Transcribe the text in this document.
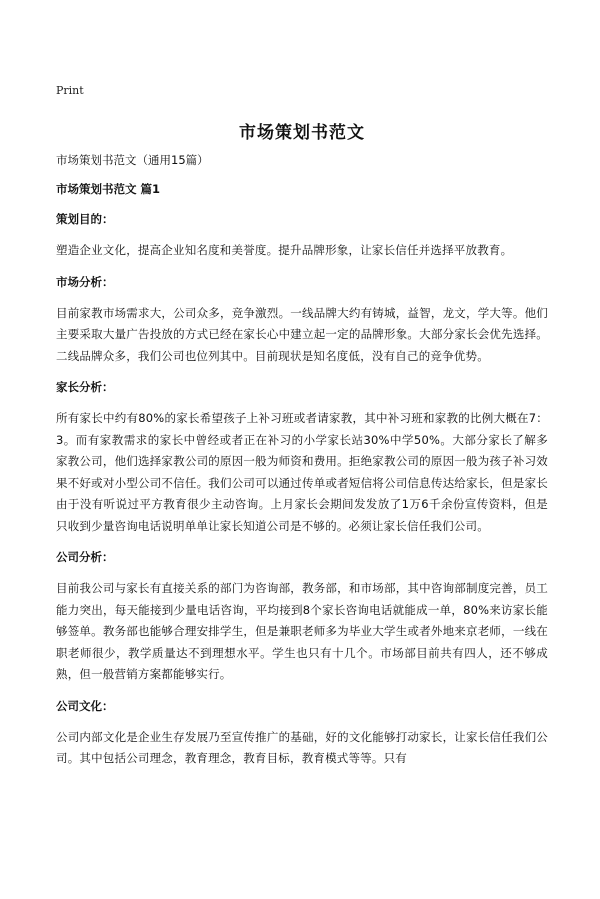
Print
市场策划书范文

市场策划书范文（通用15篇）

市场策划书范文 篇1

策划目的：

塑造企业文化，提高企业知名度和美誉度。提升品牌形象，让家长信任并选择平放教育。

市场分析：

目前家教市场需求大，公司众多，竞争激烈。一线品牌大约有铸城，益智，龙文，学大等。他们主要采取大量广告投放的方式已经在家长心中建立起一定的品牌形象。大部分家长会优先选择。二线品牌众多，我们公司也位列其中。目前现状是知名度低，没有自己的竞争优势。

家长分析：

所有家长中约有80%的家长希望孩子上补习班或者请家教，其中补习班和家教的比例大概在7：3。而有家教需求的家长中曾经或者正在补习的小学家长站30%中学50%。大部分家长了解多家教公司，他们选择家教公司的原因一般为师资和费用。拒绝家教公司的原因一般为孩子补习效果不好或对小型公司不信任。我们公司可以通过传单或者短信将公司信息传达给家长，但是家长由于没有听说过平方教育很少主动咨询。上月家长会期间发发放了1万6千余份宣传资料，但是只收到少量咨询电话说明单单让家长知道公司是不够的。必须让家长信任我们公司。

公司分析：

目前我公司与家长有直接关系的部门为咨询部，教务部，和市场部，其中咨询部制度完善，员工能力突出，每天能接到少量电话咨询，平均接到8个家长咨询电话就能成一单，80%来访家长能够签单。教务部也能够合理安排学生，但是兼职老师多为毕业大学生或者外地来京老师，一线在职老师很少，教学质量达不到理想水平。学生也只有十几个。市场部目前共有四人，还不够成熟，但一般营销方案都能够实行。

公司文化：

公司内部文化是企业生存发展乃至宣传推广的基础，好的文化能够打动家长，让家长信任我们公司。其中包括公司理念，教育理念，教育目标，教育模式等等。只有
